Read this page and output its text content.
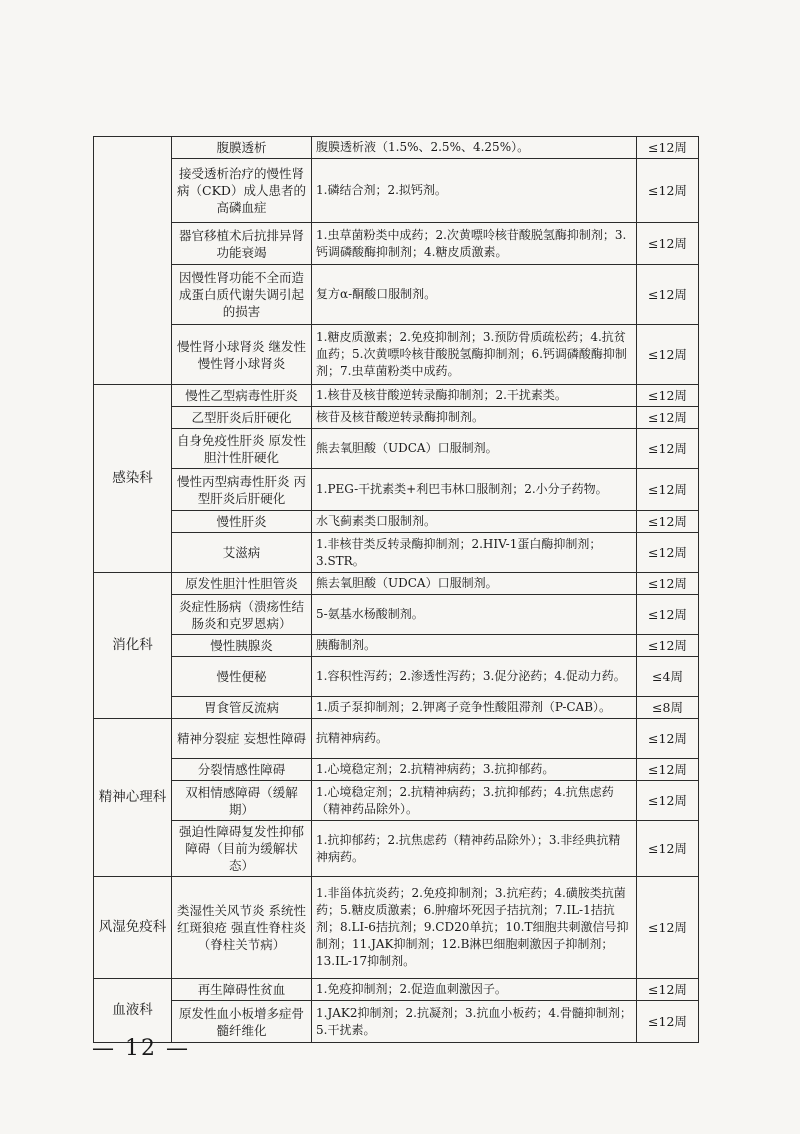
	腹膜透析	腹膜透析液（1.5%、2.5%、4.25%）。	≤12周
	接受透析治疗的慢性肾病（CKD）成人患者的高磷血症	1.磷结合剂；2.拟钙剂。	≤12周
	器官移植术后抗排异肾功能衰竭	1.虫草菌粉类中成药；2.次黄嘌呤核苷酸脱氢酶抑制剂；3.钙调磷酸酶抑制剂；4.糖皮质激素。	≤12周
	因慢性肾功能不全而造成蛋白质代谢失调引起的损害	复方α-酮酸口服制剂。	≤12周
	慢性肾小球肾炎 继发性慢性肾小球肾炎	1.糖皮质激素；2.免疫抑制剂；3.预防骨质疏松药；4.抗贫血药；5.次黄嘌呤核苷酸脱氢酶抑制剂；6.钙调磷酸酶抑制剂；7.虫草菌粉类中成药。	≤12周
感染科	慢性乙型病毒性肝炎	1.核苷及核苷酸逆转录酶抑制剂；2.干扰素类。	≤12周
	乙型肝炎后肝硬化	核苷及核苷酸逆转录酶抑制剂。	≤12周
	自身免疫性肝炎 原发性胆汁性肝硬化	熊去氧胆酸（UDCA）口服制剂。	≤12周
	慢性丙型病毒性肝炎 丙型肝炎后肝硬化	1.PEG-干扰素类+利巴韦林口服制剂；2.小分子药物。	≤12周
	慢性肝炎	水飞蓟素类口服制剂。	≤12周
	艾滋病	1.非核苷类反转录酶抑制剂；2.HIV-1蛋白酶抑制剂；3.STR。	≤12周
消化科	原发性胆汁性胆管炎	熊去氧胆酸（UDCA）口服制剂。	≤12周
	炎症性肠病（溃疡性结肠炎和克罗恩病）	5-氨基水杨酸制剂。	≤12周
	慢性胰腺炎	胰酶制剂。	≤12周
	慢性便秘	1.容积性泻药；2.渗透性泻药；3.促分泌药；4.促动力药。	≤4周
	胃食管反流病	1.质子泵抑制剂；2.钾离子竞争性酸阻滞剂（P-CAB）。	≤8周
精神心理科	精神分裂症 妄想性障碍	抗精神病药。	≤12周
	分裂情感性障碍	1.心境稳定剂；2.抗精神病药；3.抗抑郁药。	≤12周
	双相情感障碍（缓解期）	1.心境稳定剂；2.抗精神病药；3.抗抑郁药；4.抗焦虑药（精神药品除外）。	≤12周
	强迫性障碍复发性抑郁障碍（目前为缓解状态）	1.抗抑郁药；2.抗焦虑药（精神药品除外）；3.非经典抗精神病药。	≤12周
风湿免疫科	类湿性关风节炎 系统性红斑狼疮 强直性脊柱炎（脊柱关节病）	1.非甾体抗炎药；2.免疫抑制剂；3.抗疟药；4.磺胺类抗菌药；5.糖皮质激素；6.肿瘤坏死因子拮抗剂；7.IL-1拮抗剂；8.LI-6拮抗剂；9.CD20单抗；10.T细胞共刺激信号抑制剂；11.JAK抑制剂；12.B淋巴细胞刺激因子抑制剂；13.IL-17抑制剂。	≤12周
血液科	再生障碍性贫血	1.免疫抑制剂；2.促造血刺激因子。	≤12周
	原发性血小板增多症骨髓纤维化	1.JAK2抑制剂；2.抗凝剂；3.抗血小板药；4.骨髓抑制剂；5.干扰素。	≤12周
— 12 —
